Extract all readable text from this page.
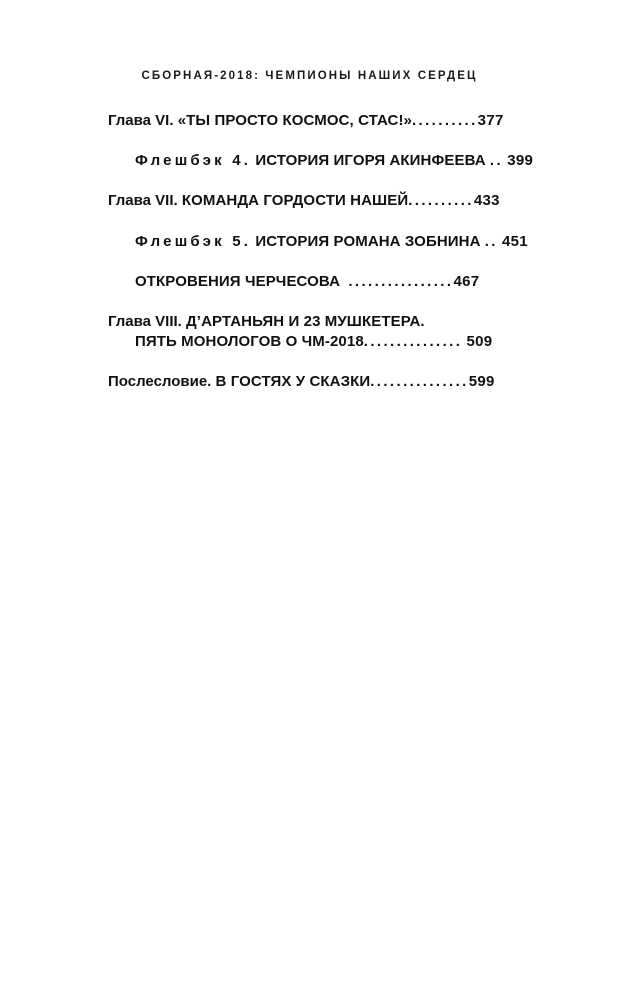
СБОРНАЯ-2018: ЧЕМПИОНЫ НАШИХ СЕРДЕЦ
Глава VI. «ТЫ ПРОСТО КОСМОС, СТАС!»..........377
Флешбэк 4. ИСТОРИЯ ИГОРЯ АКИНФЕЕВА .. 399
Глава VII. КОМАНДА ГОРДОСТИ НАШЕЙ..........433
Флешбэк 5. ИСТОРИЯ РОМАНА ЗОБНИНА .. 451
ОТКРОВЕНИЯ ЧЕРЧЕСОВА ................467
Глава VIII. Д’АРТАНЬЯН И 23 МУШКЕТЕРА.
ПЯТЬ МОНОЛОГОВ О ЧМ-2018............... 509
Послесловие. В ГОСТЯХ У СКАЗКИ...............599
